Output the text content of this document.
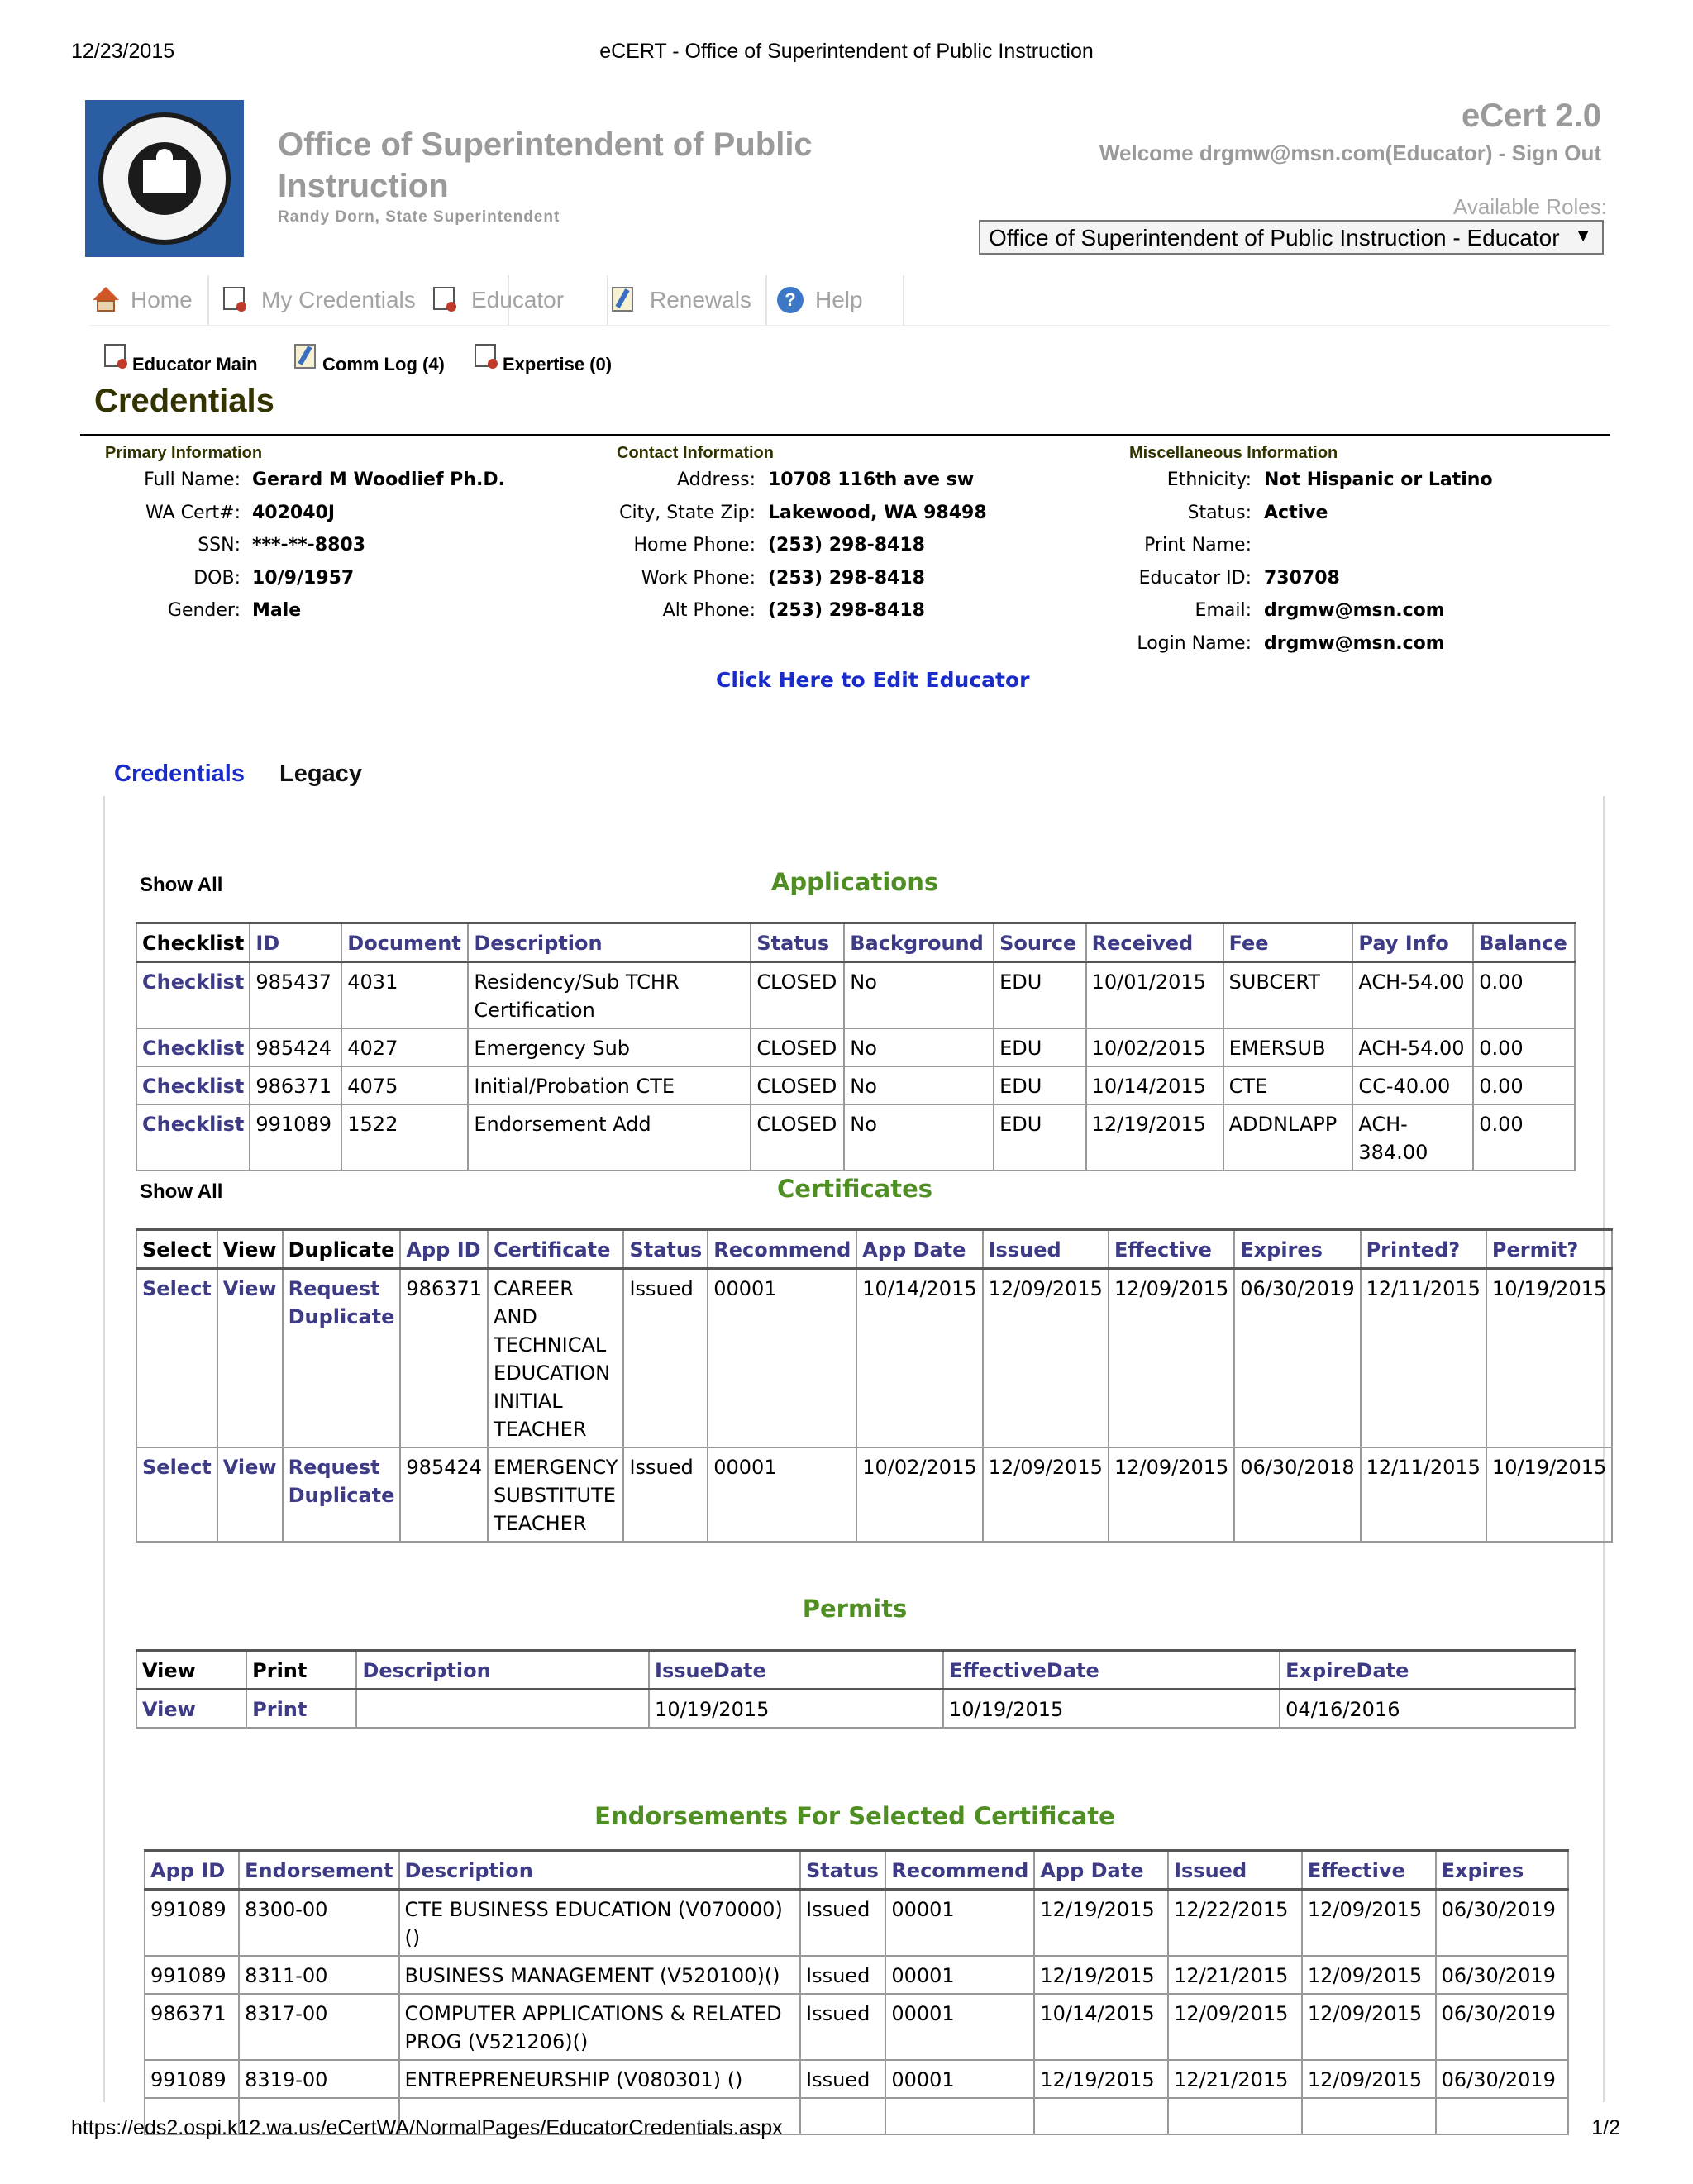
12/23/2015	eCERT - Office of Superintendent of Public Instruction
Office of Superintendent of Public Instruction
Randy Dorn, State Superintendent
eCert 2.0
Welcome drgmw@msn.com(Educator) - Sign Out
Available Roles:
Office of Superintendent of Public Instruction - Educator ▼
Home	My Credentials Educator	Renewals	? Help
Educator Main	Comm Log (4)	Expertise (0)
Credentials
Primary Information	Contact Information	Miscellaneous Information
Click Here to Edit Educator
Credentials Legacy
Show All	Applications
Checklist	ID	Document	Description	Status	Background	Source	Received	Fee	Pay Info	Balance
Checklist	985437	4031	Residency/Sub TCHR Certification	CLOSED	No	EDU	10/01/2015	SUBCERT	ACH-54.00	0.00
Checklist	985424	4027	Emergency Sub	CLOSED	No	EDU	10/02/2015	EMERSUB	ACH-54.00	0.00
Checklist	986371	4075	Initial/Probation CTE	CLOSED	No	EDU	10/14/2015	CTE	CC-40.00	0.00
Checklist	991089	1522	Endorsement Add	CLOSED	No	EDU	12/19/2015	ADDNLAPP	ACH-384.00	0.00
Show All	Certificates
Select	View	Duplicate	App ID	Certificate	Status	Recommend	App Date	Issued	Effective	Expires	Printed?	Permit?
Select	View	Request Duplicate	986371	CAREER AND TECHNICAL EDUCATION INITIAL TEACHER	Issued	00001	10/14/2015	12/09/2015	12/09/2015	06/30/2019	12/11/2015	10/19/2015
Select	View	Request Duplicate	985424	EMERGENCY SUBSTITUTE TEACHER	Issued	00001	10/02/2015	12/09/2015	12/09/2015	06/30/2018	12/11/2015	10/19/2015
Permits
View	Print	Description	IssueDate	EffectiveDate	ExpireDate
View	Print		10/19/2015	10/19/2015	04/16/2016
Endorsements For Selected Certificate
App ID	Endorsement	Description	Status	Recommend	App Date	Issued	Effective	Expires
991089	8300-00	CTE BUSINESS EDUCATION (V070000) ()	Issued	00001	12/19/2015	12/22/2015	12/09/2015	06/30/2019
991089	8311-00	BUSINESS MANAGEMENT (V520100)()	Issued	00001	12/19/2015	12/21/2015	12/09/2015	06/30/2019
986371	8317-00	COMPUTER APPLICATIONS & RELATED PROG (V521206)()	Issued	00001	10/14/2015	12/09/2015	12/09/2015	06/30/2019
991089	8319-00	ENTREPRENEURSHIP (V080301) ()	Issued	00001	12/19/2015	12/21/2015	12/09/2015	06/30/2019

https://eds2.ospi.k12.wa.us/eCertWA/NormalPages/EducatorCredentials.aspx	1/2
Full Name: Gerard M Woodlief Ph.D.
WA Cert#: 402040J
SSN: ***-**-8803
DOB: 10/9/1957
Gender: Male
Address: 10708 116th ave sw
City, State Zip: Lakewood, WA 98498
Home Phone: (253) 298-8418
Work Phone: (253) 298-8418
Alt Phone: (253) 298-8418
Ethnicity: Not Hispanic or Latino
Status: Active
Print Name:
Educator ID: 730708
Email: drgmw@msn.com
Login Name: drgmw@msn.com
